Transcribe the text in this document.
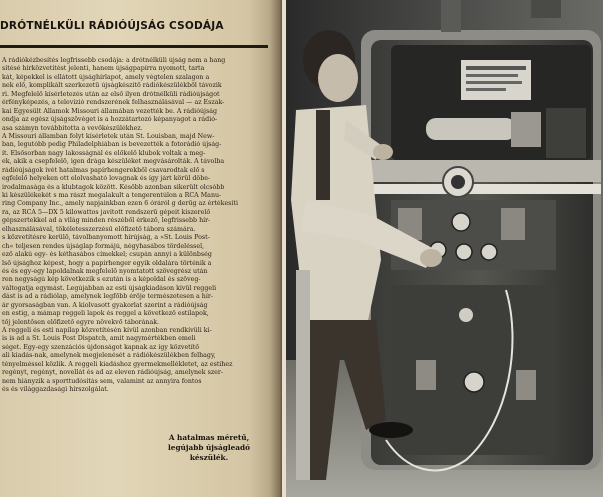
DRÓTNÉLKÜLI RÁDIÓÚJSÁG CSODÁJA
A rádiókézbesítés legfrissebb csodája: a drótnélküli újság nem a hang
sítésé hírközvetítést jelenti, hanem újságpapírra nyomott, tarta
kát, képekkel is ellátott újsághírlapot, amely végtelen szalagon a
nek elő, komplikált szerkezetű újságkészítő rádiókészülékből távozik
ri. Megfelelő kísérletezés után az első ilyen drótnélküli rádióújságot
érfényképezés, a televízió rendszerének felhasználásával — az Észak-
kai Egyesült Államok Missouri államában vezették be. A rádióújság
ondja az egész újságszövéget is a hozzátartozó képanyagot a rádió-
asa számyn továbbította a vevőkészülékhez.
A Missouri államban folyt kísérletek után St. Louisban, majd New-
ban, legutóbb pedig Philadelphiában is bevezették a fotorádió újság-
ít. Elsősorban nagy lakosságnál és előkelő klubok voltak a meg-
ek, akik a csepfelelő, igen drága készüléket megvásárolták. A távolba
rádióújságok ívét hatalmas papírhengerekből csavarodtak elő s
egfelelő helyeken ott elolvasható lovagnak és így járt körül döbe-
irodalmasága és a klubtagok között. Később azonban sikerült olcsóbb
ki készülékekét s ma rászt megalakult a tengerentúlon a RCA Manu-
ring Company Inc., amely napjainkban ezen 6 óráról g derűg az értékesíti
ra, az RCA 5—DX 5 kilowattos javított rendszerű gépeit kiszerelő
gépszertekkel ad a világ minden részéből érkező, legfrissebb hír-
elhasználásával, tökéletesszerzésű előfizető tábora számára.
s közvetítésre kerülő, távolbanyomott hírújság, a »St. Louis Post-
ch« teljesen rendes újságlap formájú, négyhasábos tördeléssel,
ező alakú egy- és kéthasábos címekkel; csupán annyi a különbség
lső újsághoz képest, hogy a papírhenger egyik oldalára történik a
és és egy-egy lapoldalnak megfelelő nyomtatott szövegrész után
ren negyságú kép következik s ezután is a képoldal és szöveg-
váltogatja egymást. Legújabban az esti újságkiadáson kívül reggeli
dást is ad a rádiólap, amelynek legfőbb érője természetesen a hír-
ár gyorsaságban van. A kiolvasott gyakorlat szerint a rádióújság
en estig, a mámap reggeli lapok és reggel a következő estilapok,
tőj jelentősen előfizető egyre növekvő táborának.
A reggeli és esti napilap közvetítésén kívül azonban rendkívüli ki-
is is ad a St. Louis Post Dispatch, amit nagymértékben emeli
séget. Egy-egy szenzációs újdonságot kapnak az így közvetítő
ali kiadás-nak, amelynek megjelenését a rádiókészülékben felhagy,
tényelméssel közlik. A reggeli kiadáshoz gyermekmellékletet, az estihez
regényt, regényt, novellát és ad az eleven rádióújság, amelynek szer-
nem hiányzik a sporttudósítás sem, valamint az annyira fontos
és és világgazdasági hírszolgálat.
A hatalmas méretű, legújabb újságleadó készülék.
